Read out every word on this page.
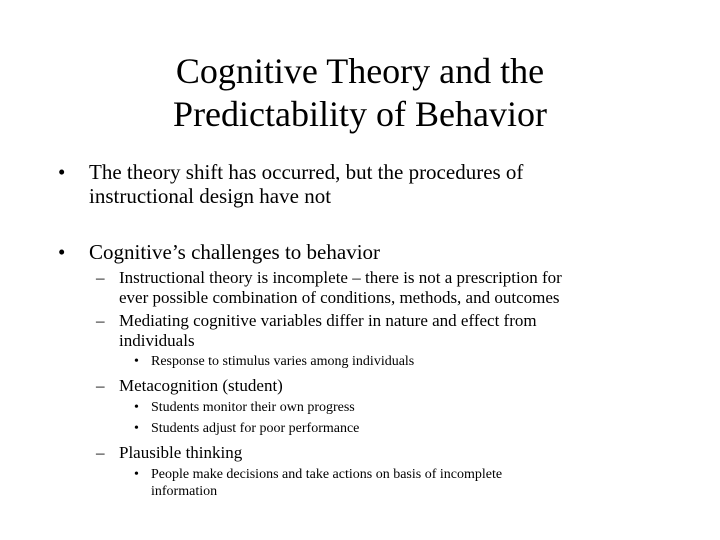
Cognitive Theory and the
Predictability of Behavior
• The theory shift has occurred, but the procedures of
instructional design have not
• Cognitive’s challenges to behavior
– Instructional theory is incomplete – there is not a prescription for
ever possible combination of conditions, methods, and outcomes
– Mediating cognitive variables differ in nature and effect from
individuals
• Response to stimulus varies among individuals
– Metacognition (student)
• Students monitor their own progress
• Students adjust for poor performance
– Plausible thinking
• People make decisions and take actions on basis of incomplete
information
